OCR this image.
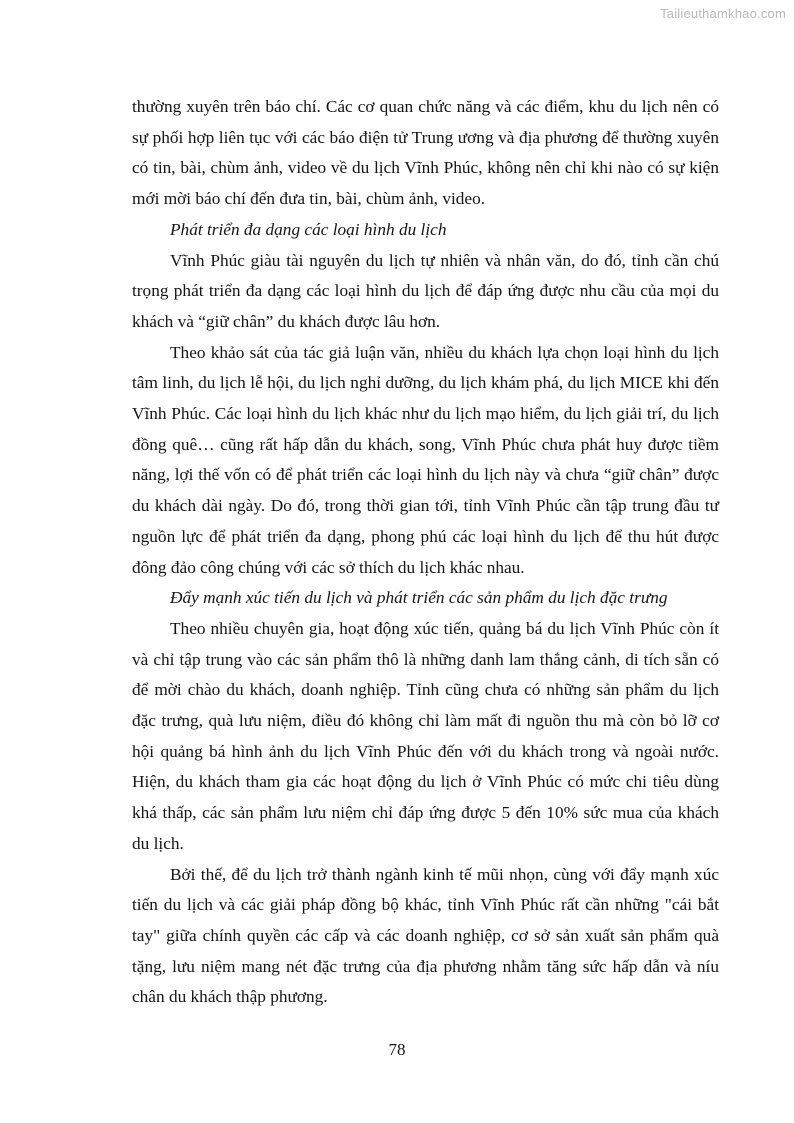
Tailieuthamkhao.com

thường xuyên trên báo chí. Các cơ quan chức năng và các điểm, khu du lịch nên có sự phối hợp liên tục với các báo điện tử Trung ương và địa phương để thường xuyên có tin, bài, chùm ảnh, video về du lịch Vĩnh Phúc, không nên chỉ khi nào có sự kiện mới mời báo chí đến đưa tin, bài, chùm ảnh, video.

Phát triển đa dạng các loại hình du lịch

Vĩnh Phúc giàu tài nguyên du lịch tự nhiên và nhân văn, do đó, tỉnh cần chú trọng phát triển đa dạng các loại hình du lịch để đáp ứng được nhu cầu của mọi du khách và “giữ chân” du khách được lâu hơn.

Theo khảo sát của tác giả luận văn, nhiều du khách lựa chọn loại hình du lịch tâm linh, du lịch lễ hội, du lịch nghỉ dưỡng, du lịch khám phá, du lịch MICE khi đến Vĩnh Phúc. Các loại hình du lịch khác như du lịch mạo hiểm, du lịch giải trí, du lịch đồng quê… cũng rất hấp dẫn du khách, song, Vĩnh Phúc chưa phát huy được tiềm năng, lợi thế vốn có để phát triển các loại hình du lịch này và chưa “giữ chân” được du khách dài ngày. Do đó, trong thời gian tới, tỉnh Vĩnh Phúc cần tập trung đầu tư nguồn lực để phát triển đa dạng, phong phú các loại hình du lịch để thu hút được đông đảo công chúng với các sở thích du lịch khác nhau.

Đẩy mạnh xúc tiến du lịch và phát triển các sản phẩm du lịch đặc trưng

Theo nhiều chuyên gia, hoạt động xúc tiến, quảng bá du lịch Vĩnh Phúc còn ít và chỉ tập trung vào các sản phẩm thô là những danh lam thắng cảnh, di tích sẵn có để mời chào du khách, doanh nghiệp. Tỉnh cũng chưa có những sản phẩm du lịch đặc trưng, quà lưu niệm, điều đó không chỉ làm mất đi nguồn thu mà còn bỏ lỡ cơ hội quảng bá hình ảnh du lịch Vĩnh Phúc đến với du khách trong và ngoài nước. Hiện, du khách tham gia các hoạt động du lịch ở Vĩnh Phúc có mức chi tiêu dùng khá thấp, các sản phẩm lưu niệm chỉ đáp ứng được 5 đến 10% sức mua của khách du lịch.

Bởi thế, để du lịch trở thành ngành kinh tế mũi nhọn, cùng với đẩy mạnh xúc tiến du lịch và các giải pháp đồng bộ khác, tỉnh Vĩnh Phúc rất cần những "cái bắt tay" giữa chính quyền các cấp và các doanh nghiệp, cơ sở sản xuất sản phẩm quà tặng, lưu niệm mang nét đặc trưng của địa phương nhằm tăng sức hấp dẫn và níu chân du khách thập phương.

78
